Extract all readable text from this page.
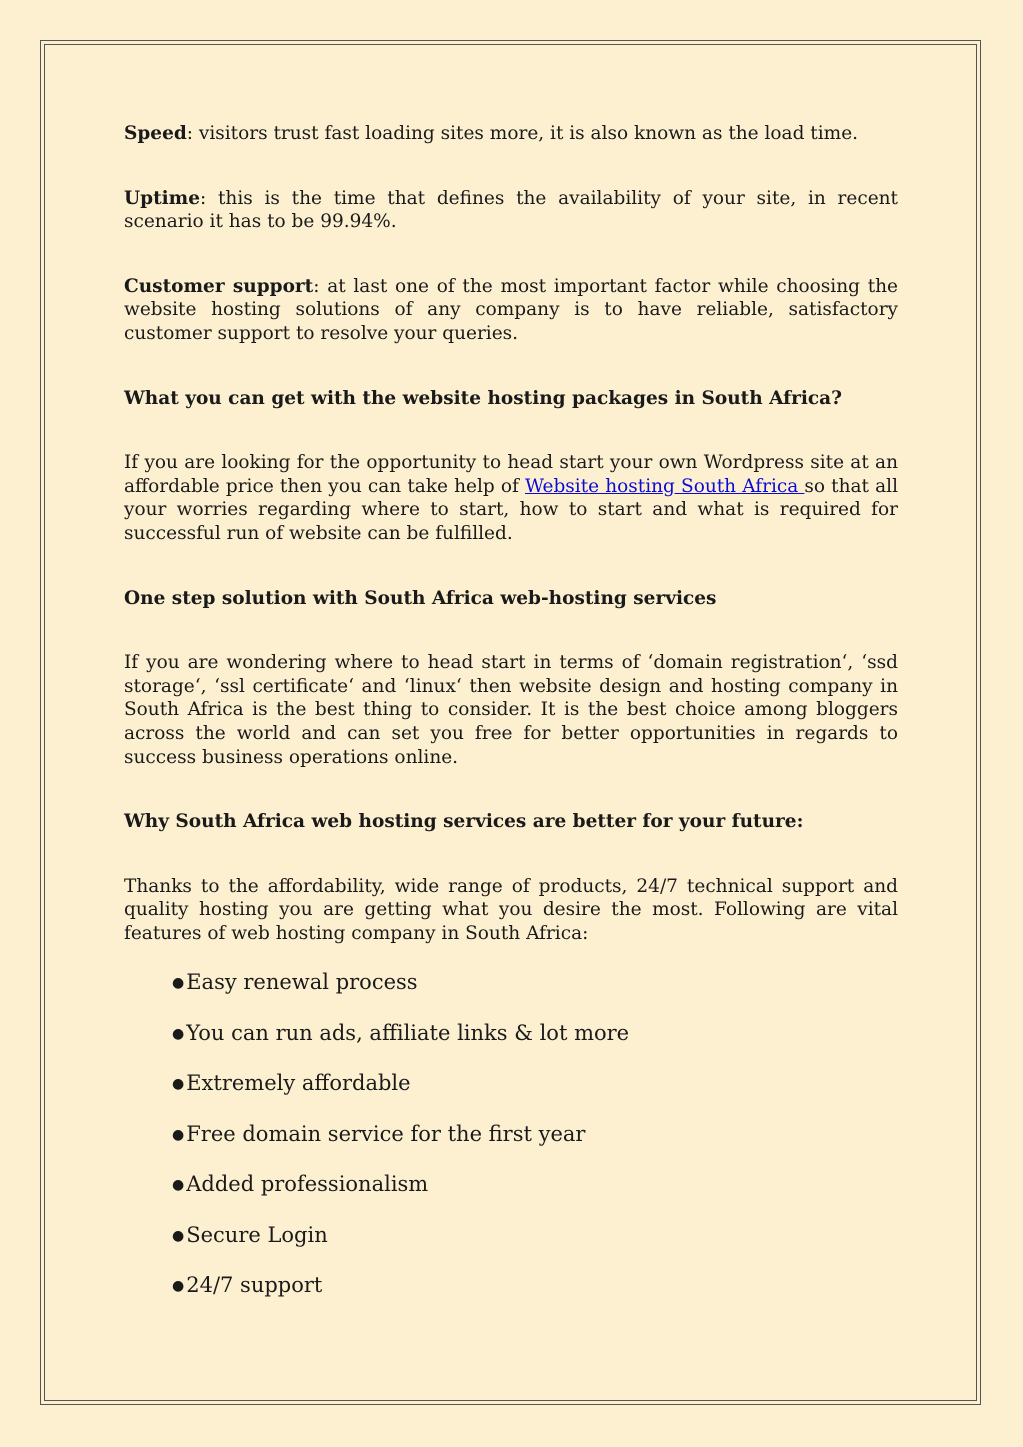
Speed: visitors trust fast loading sites more, it is also known as the load time.

Uptime: this is the time that defines the availability of your site, in recent scenario it has to be 99.94%.

Customer support: at last one of the most important factor while choosing the website hosting solutions of any company is to have reliable, satisfactory customer support to resolve your queries.

What you can get with the website hosting packages in South Africa?

If you are looking for the opportunity to head start your own Wordpress site at an affordable price then you can take help of Website hosting South Africa so that all your worries regarding where to start, how to start and what is required for successful run of website can be fulfilled.

One step solution with South Africa web-hosting services

If you are wondering where to head start in terms of ‘domain registration‘, ‘ssd storage‘, ‘ssl certificate‘ and ‘linux‘ then website design and hosting company in South Africa is the best thing to consider. It is the best choice among bloggers across the world and can set you free for better opportunities in regards to success business operations online.

Why South Africa web hosting services are better for your future:

Thanks to the affordability, wide range of products, 24/7 technical support and quality hosting you are getting what you desire the most. Following are vital features of web hosting company in South Africa:

●Easy renewal process
●You can run ads, affiliate links & lot more
●Extremely affordable
●Free domain service for the first year
●Added professionalism
●Secure Login
●24/7 support
